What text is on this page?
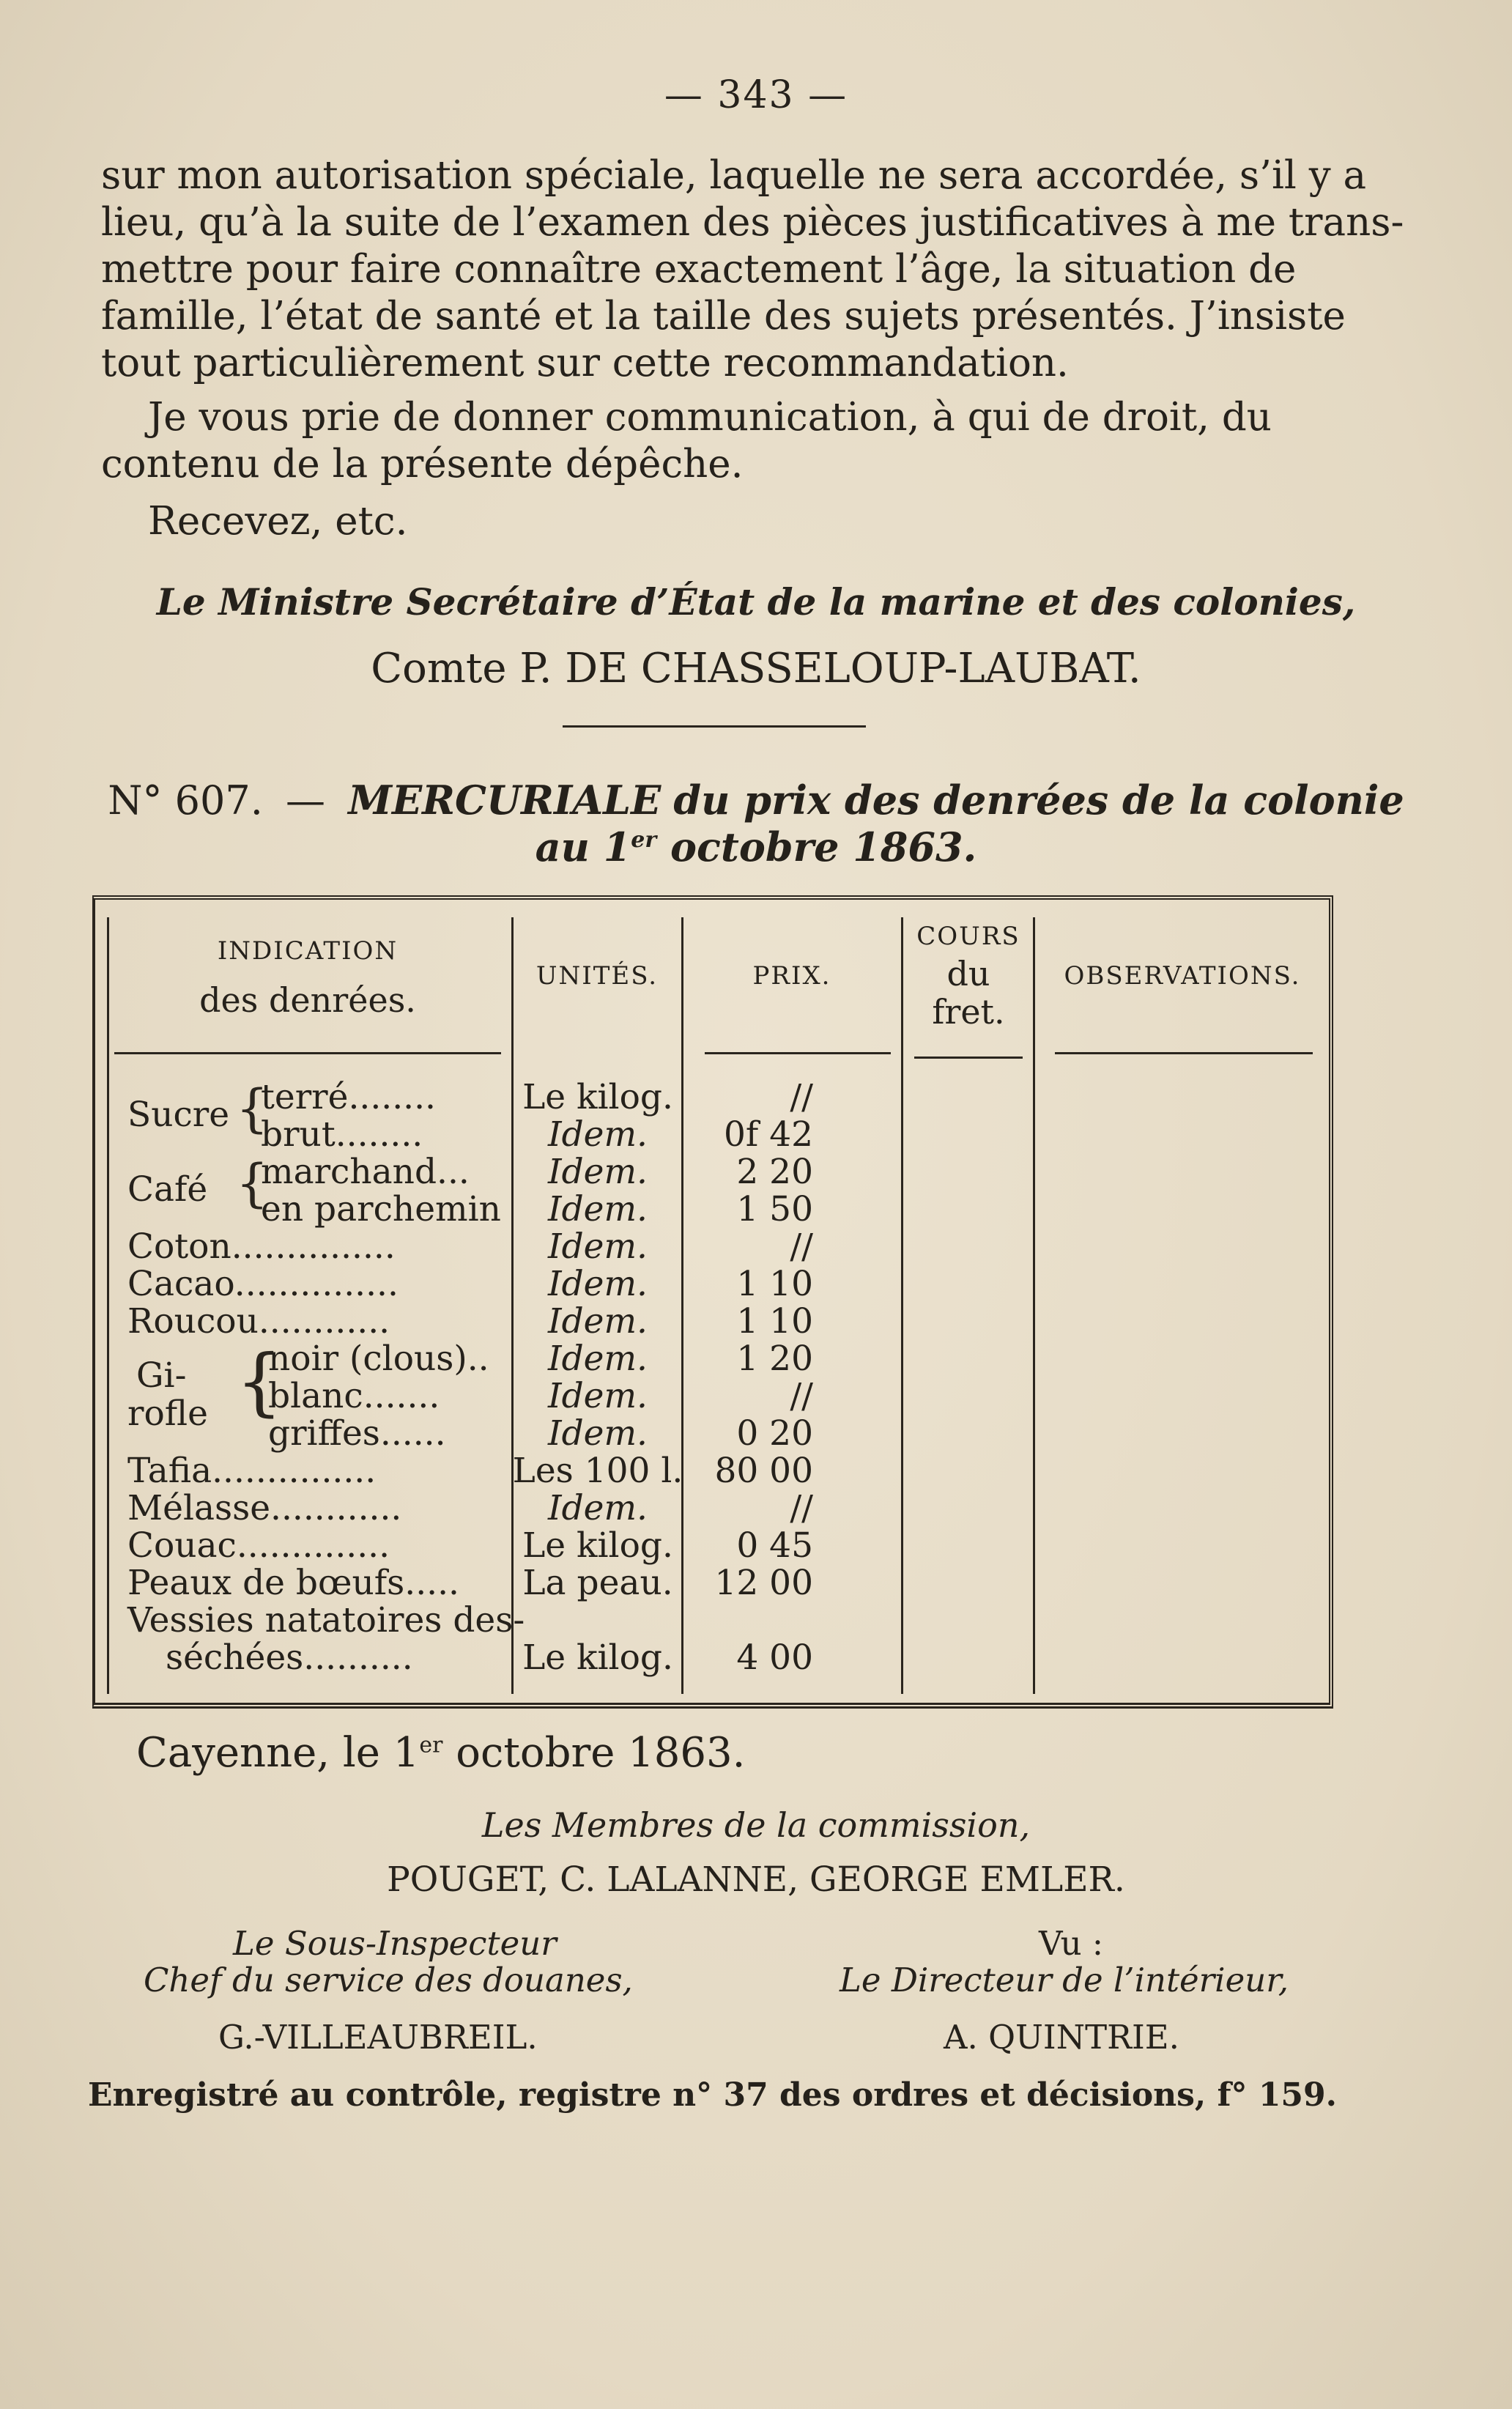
— 343 —
sur mon autorisation spéciale, laquelle ne sera accordée, s’il y a
lieu, qu’à la suite de l’examen des pièces justificatives à me trans-
mettre pour faire connaître exactement l’âge, la situation de
famille, l’état de santé et la taille des sujets présentés. J’insiste
tout particulièrement sur cette recommandation.
Je vous prie de donner communication, à qui de droit, du
contenu de la présente dépêche.
Recevez, etc.
Le Ministre Secrétaire d’État de la marine et des colonies,
Comte P. DE CHASSELOUP-LAUBAT.
N° 607. — MERCURIALE du prix des denrées de la colonie
au 1er octobre 1863.
INDICATION
des denrées.
UNITÉS.	PRIX.
COURS
du
fret.
OBSERVATIONS.
Sucre {
Café {
Gi-
rofle {
terré........	Le kilog.	//
brut........	Idem.	0f 42
marchand...	Idem.	2 20
en parchemin	Idem.	1 50
Coton...............	Idem.	//
Cacao...............	Idem.	1 10
Roucou............	Idem.	1 10
noir (clous)..	Idem.	1 20
blanc.......	Idem.	//
griffes......	Idem.	0 20
Tafia...............	Les 100 l. 80 00
Mélasse............	Idem.	//
Couac..............	Le kilog.	0 45
Peaux de bœufs.....	La peau.	12 00
Vessies natatoires des-
séchées..........	Le kilog.	4 00
Cayenne, le 1er octobre 1863.
Les Membres de la commission,
POUGET, C. LALANNE, GEORGE EMLER.
Le Sous-Inspecteur
Chef du service des douanes,
G.-VILLEAUBREIL.
Vu :
Le Directeur de l’intérieur,
A. QUINTRIE.
Enregistré au contrôle, registre n° 37 des ordres et décisions, f° 159.
